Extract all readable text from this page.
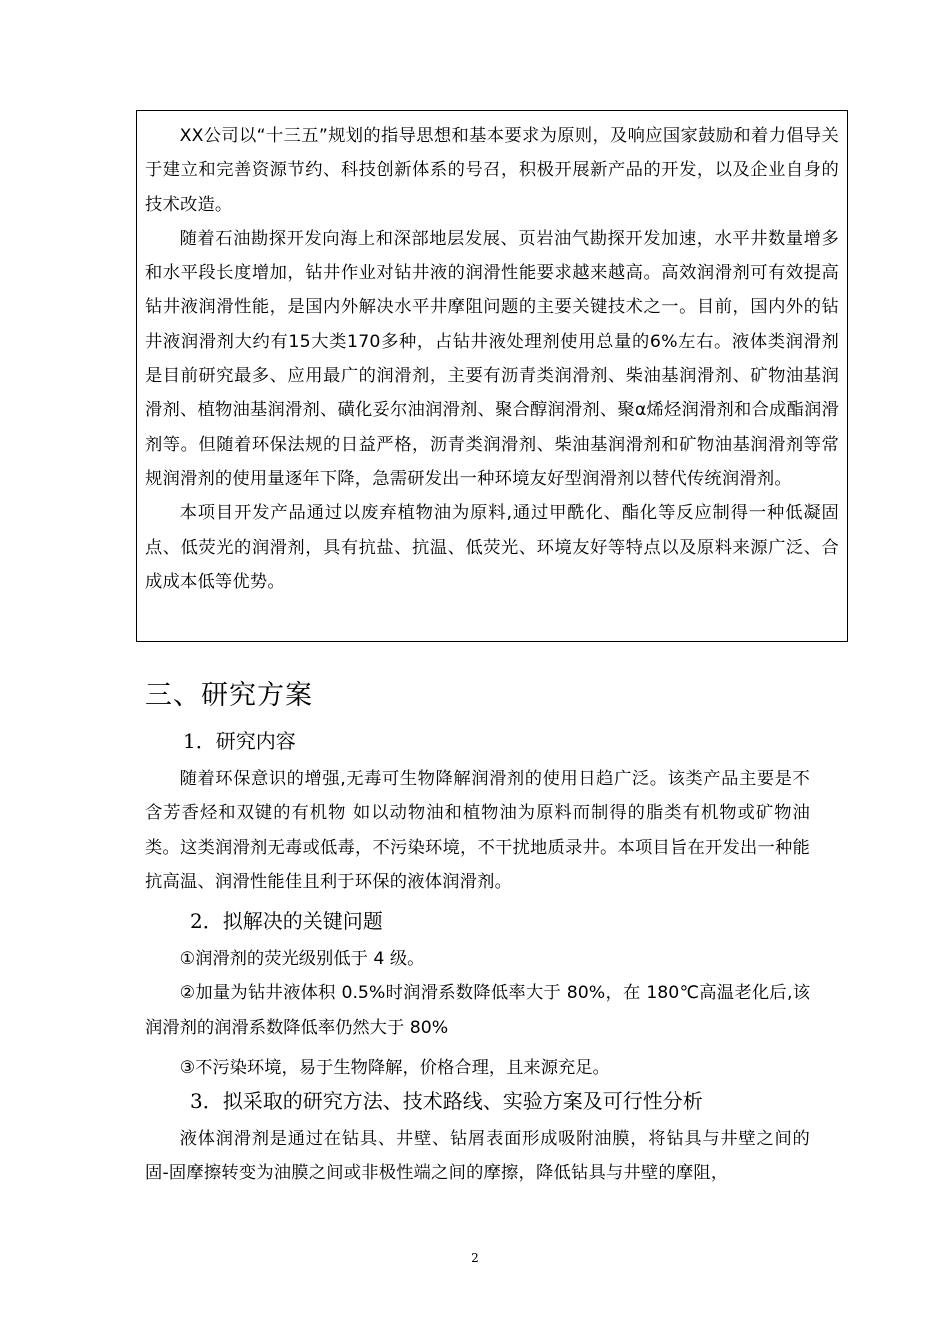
XX公司以“十三五”规划的指导思想和基本要求为原则，及响应国家鼓励和着力倡导关于建立和完善资源节约、科技创新体系的号召，积极开展新产品的开发，以及企业自身的技术改造。

随着石油勘探开发向海上和深部地层发展、页岩油气勘探开发加速，水平井数量增多和水平段长度增加，钻井作业对钻井液的润滑性能要求越来越高。高效润滑剂可有效提高钻井液润滑性能，是国内外解决水平井摩阻问题的主要关键技术之一。目前，国内外的钻井液润滑剂大约有15大类170多种，占钻井液处理剂使用总量的6%左右。液体类润滑剂是目前研究最多、应用最广的润滑剂，主要有沥青类润滑剂、柴油基润滑剂、矿物油基润滑剂、植物油基润滑剂、磺化妥尔油润滑剂、聚合醇润滑剂、聚α烯烃润滑剂和合成酯润滑剂等。但随着环保法规的日益严格，沥青类润滑剂、柴油基润滑剂和矿物油基润滑剂等常规润滑剂的使用量逐年下降，急需研发出一种环境友好型润滑剂以替代传统润滑剂。

本项目开发产品通过以废弃植物油为原料,通过甲酰化、酯化等反应制得一种低凝固点、低荧光的润滑剂，具有抗盐、抗温、低荧光、环境友好等特点以及原料来源广泛、合成成本低等优势。

三、研究方案
1．研究内容

随着环保意识的增强,无毒可生物降解润滑剂的使用日趋广泛。该类产品主要是不含芳香烃和双键的有机物 如以动物油和植物油为原料而制得的脂类有机物或矿物油类。这类润滑剂无毒或低毒，不污染环境，不干扰地质录井。本项目旨在开发出一种能抗高温、润滑性能佳且利于环保的液体润滑剂。

2．拟解决的关键问题

①润滑剂的荧光级别低于 4 级。

②加量为钻井液体积 0.5%时润滑系数降低率大于 80%，在 180℃高温老化后,该润滑剂的润滑系数降低率仍然大于 80%

③不污染环境，易于生物降解，价格合理，且来源充足。

3．拟采取的研究方法、技术路线、实验方案及可行性分析

液体润滑剂是通过在钻具、井壁、钻屑表面形成吸附油膜，将钻具与井壁之间的固-固摩擦转变为油膜之间或非极性端之间的摩擦，降低钻具与井壁的摩阻，

2
